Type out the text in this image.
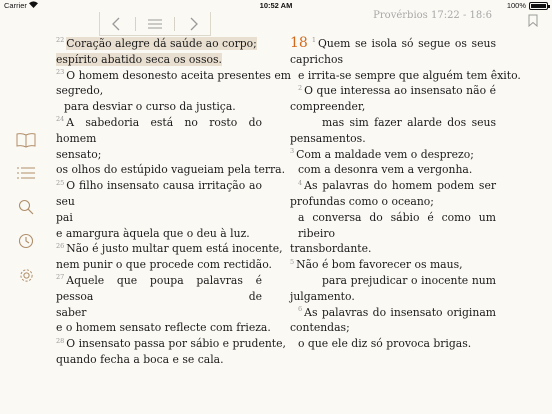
Carrier	10:52 AM	100%
Provérbios 17:22 - 18:6
$^{22}$ Coração alegre dá saúde ao corpo;
espírito abatido seca os ossos.
$^{23}$ O homem desonesto aceita presentes em
segredo,
para desviar o curso da justiça.
$^{24}$ A sabedoria está no rosto do homem
sensato;
os olhos do estúpido vagueiam pela terra.
$^{25}$ O filho insensato causa irritação ao seu
pai
e amargura àquela que o deu à luz.
$^{26}$ Não é justo multar quem está inocente,
nem punir o que procede com rectidão.
$^{27}$ Aquele que poupa palavras é pessoa de
saber
e o homem sensato reflecte com frieza.
$^{28}$ O insensato passa por sábio e prudente,
quando fecha a boca e se cala.
18 $^1$ Quem se isola só segue os seus
caprichos
e irrita-se sempre que alguém tem êxito.
$^2$ O que interessa ao insensato não é
compreender,
mas sim fazer alarde dos seus
pensamentos.
$^3$ Com a maldade vem o desprezo;
com a desonra vem a vergonha.
$^4$ As palavras do homem podem ser
profundas como o oceano;
a conversa do sábio é como um ribeiro
transbordante.
$^5$ Não é bom favorecer os maus,
para prejudicar o inocente num
julgamento.
$^6$ As palavras do insensato originam
contendas;
o que ele diz só provoca brigas.
